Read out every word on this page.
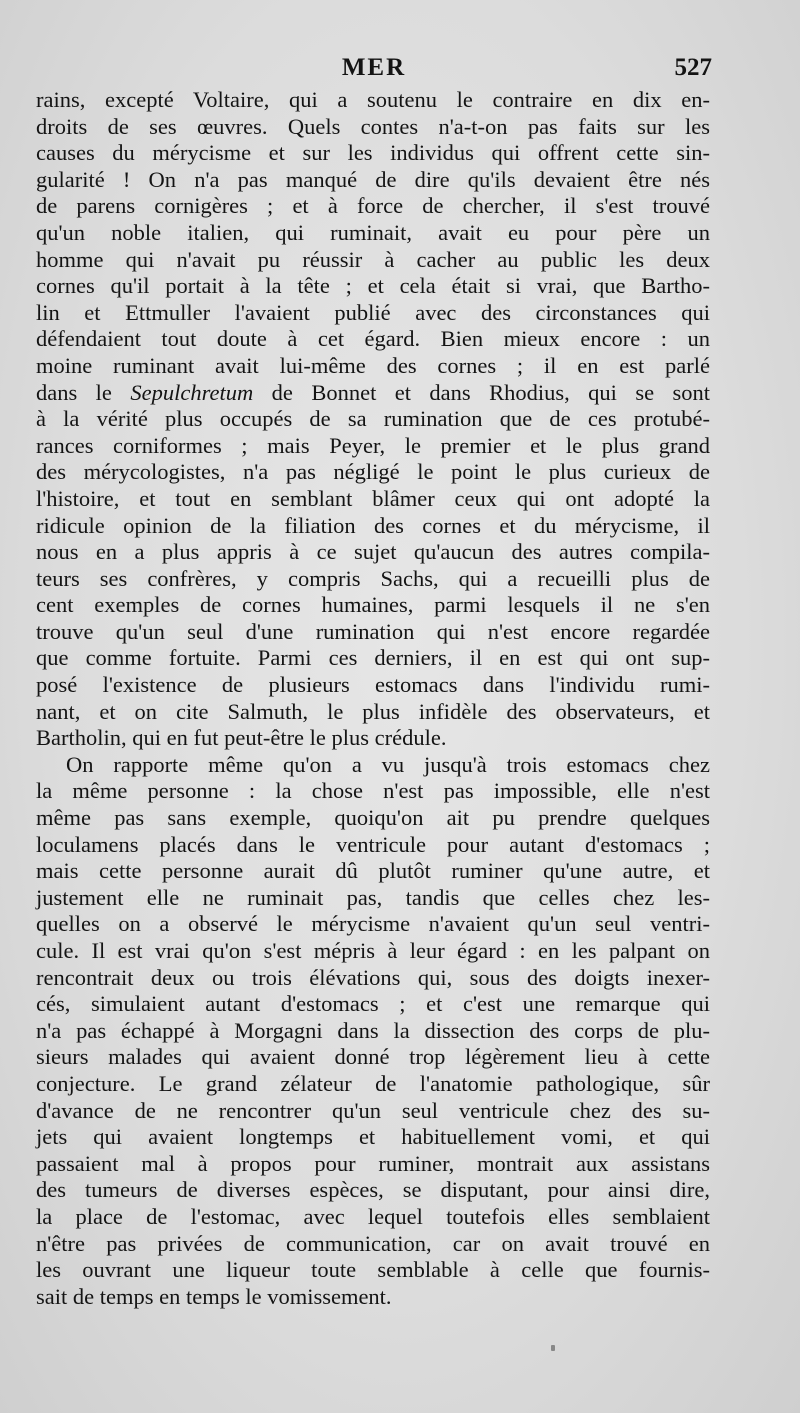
MER	527
rains, excepté Voltaire, qui a soutenu le contraire en dix en-
droits de ses œuvres. Quels contes n'a-t-on pas faits sur les
causes du mérycisme et sur les individus qui offrent cette sin-
gularité ! On n'a pas manqué de dire qu'ils devaient être nés
de parens cornigères ; et à force de chercher, il s'est trouvé
qu'un noble italien, qui ruminait, avait eu pour père un
homme qui n'avait pu réussir à cacher au public les deux
cornes qu'il portait à la tête ; et cela était si vrai, que Bartho-
lin et Ettmuller l'avaient publié avec des circonstances qui
défendaient tout doute à cet égard. Bien mieux encore : un
moine ruminant avait lui-même des cornes ; il en est parlé
dans le Sepulchretum de Bonnet et dans Rhodius, qui se sont
à la vérité plus occupés de sa rumination que de ces protubé-
rances corniformes ; mais Peyer, le premier et le plus grand
des mérycologistes, n'a pas négligé le point le plus curieux de
l'histoire, et tout en semblant blâmer ceux qui ont adopté la
ridicule opinion de la filiation des cornes et du mérycisme, il
nous en a plus appris à ce sujet qu'aucun des autres compila-
teurs ses confrères, y compris Sachs, qui a recueilli plus de
cent exemples de cornes humaines, parmi lesquels il ne s'en
trouve qu'un seul d'une rumination qui n'est encore regardée
que comme fortuite. Parmi ces derniers, il en est qui ont sup-
posé l'existence de plusieurs estomacs dans l'individu rumi-
nant, et on cite Salmuth, le plus infidèle des observateurs, et
Bartholin, qui en fut peut-être le plus crédule.
On rapporte même qu'on a vu jusqu'à trois estomacs chez
la même personne : la chose n'est pas impossible, elle n'est
même pas sans exemple, quoiqu'on ait pu prendre quelques
loculamens placés dans le ventricule pour autant d'estomacs ;
mais cette personne aurait dû plutôt ruminer qu'une autre, et
justement elle ne ruminait pas, tandis que celles chez les-
quelles on a observé le mérycisme n'avaient qu'un seul ventri-
cule. Il est vrai qu'on s'est mépris à leur égard : en les palpant on
rencontrait deux ou trois élévations qui, sous des doigts inexer-
cés, simulaient autant d'estomacs ; et c'est une remarque qui
n'a pas échappé à Morgagni dans la dissection des corps de plu-
sieurs malades qui avaient donné trop légèrement lieu à cette
conjecture. Le grand zélateur de l'anatomie pathologique, sûr
d'avance de ne rencontrer qu'un seul ventricule chez des su-
jets qui avaient longtemps et habituellement vomi, et qui
passaient mal à propos pour ruminer, montrait aux assistans
des tumeurs de diverses espèces, se disputant, pour ainsi dire,
la place de l'estomac, avec lequel toutefois elles semblaient
n'être pas privées de communication, car on avait trouvé en
les ouvrant une liqueur toute semblable à celle que fournis-
sait de temps en temps le vomissement.
